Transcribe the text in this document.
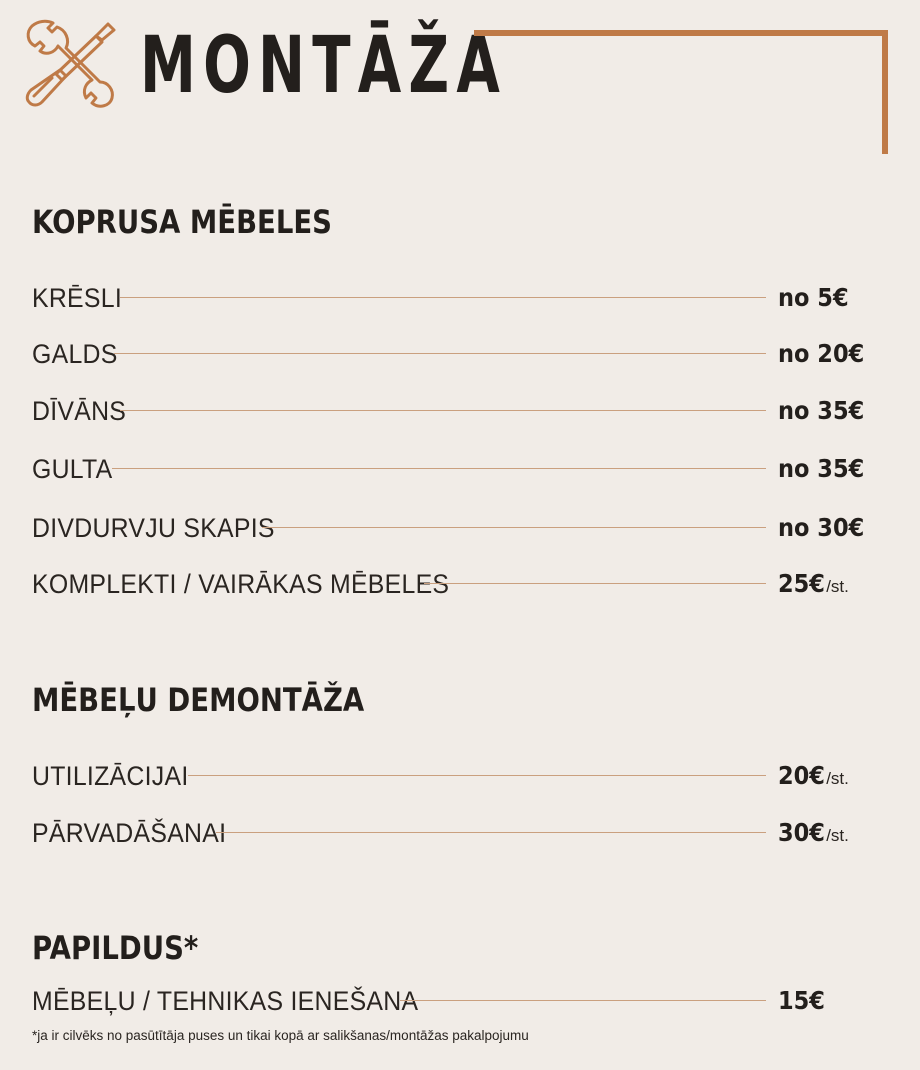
MONTĀŽA
KOPRUSA MĒBELES
KRĒSLI	no 5€
GALDS	no 20€
DĪVĀNS	no 35€
GULTA	no 35€
DIVDURVJU SKAPIS	no 30€
KOMPLEKTI / VAIRĀKAS MĒBELES	25€/st.
MĒBEĻU DEMONTĀŽA
UTILIZĀCIJAI	20€/st.
PĀRVADĀŠANAI	30€/st.
PAPILDUS*
MĒBEĻU / TEHNIKAS IENEŠANA	15€
*ja ir cilvēks no pasūtītāja puses un tikai kopā ar salikšanas/montāžas pakalpojumu
